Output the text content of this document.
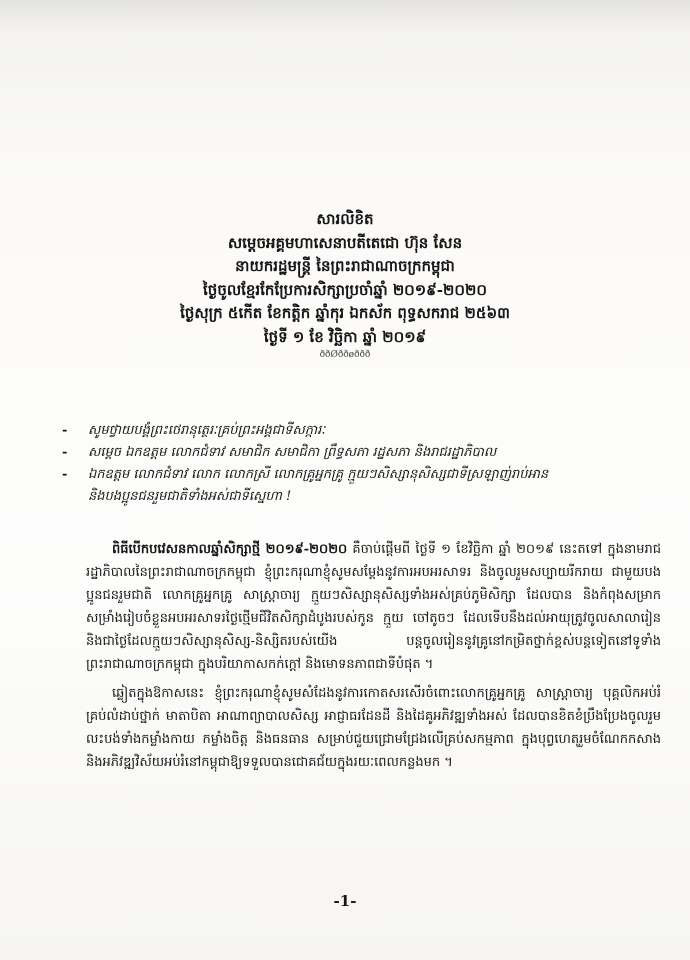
សារលិខិត
សម្តេចអគ្គមហាសេនាបតីតេជោ ហ៊ុន សែន
នាយករដ្ឋមន្ត្រី នៃព្រះរាជាណាចក្រកម្ពុជា
ថ្ងៃចូលខ្មែរកែប្រែការសិក្សាប្រចាំឆ្នាំ ២០១៩-២០២០
ថ្ងៃសុក្រ ៥កើត ខែកត្តិក ឆ្នាំកុរ ឯកស័ក ពុទ្ធសករាជ ២៥៦៣
ថ្ងៃទី ១ ខែ វិច្ឆិកា ឆ្នាំ ២០១៩
ððØððøððð
- សូមថ្វាយបង្គំព្រះថេរានុត្ថេរៈគ្រប់ព្រះអង្គជាទីសក្ការៈ
- សម្តេច ឯកឧត្តម លោកជំទាវ សមាជិក សមាជិកា ព្រឹទ្ធសភា រដ្ឋសភា និងរាជរដ្ឋាភិបាល
- ឯកឧត្តម លោកជំទាវ លោក លោកស្រី លោកគ្រូអ្នកគ្រូ ក្មួយៗសិស្សានុសិស្សជាទីស្រឡាញ់រាប់អាន
និងបងប្អូនជនរួមជាតិទាំងអស់ជាទីស្នេហា !

ពិធីបើកបវេសនកាលឆ្នាំសិក្សាថ្មី ២០១៩-២០២០ គឺចាប់ផ្តើមពី ថ្ងៃទី ១ ខែវិច្ឆិកា ឆ្នាំ ២០១៩ នេះតទៅ ក្នុងនាមរាជរដ្ឋាភិបាលនៃព្រះរាជាណាចក្រកម្ពុជា ខ្ញុំព្រះករុណាខ្ញុំសូមសម្តែងនូវការអបអរសាទរ និងចូលរួមសប្បាយរីករាយ ជាមួយបងប្អូនជនរួមជាតិ លោកគ្រូអ្នកគ្រូ សាស្ត្រាចារ្យ ក្មួយៗសិស្សានុសិស្សទាំងអស់គ្រប់ភូមិសិក្សា ដែលបាន និងកំពុងសម្រាកសម្រាំងរៀបចំខ្លួនអបអរសាទរថ្ងៃថ្មើមជីវិតសិក្សាដំបូងរបស់កូន ក្មួយ ចៅតូចៗ ដែលទើបនឹងដល់អាយុត្រូវចូលសាលារៀន និងជាថ្ងៃដែលក្មួយៗសិស្សានុសិស្ស-និស្សិតរបស់យើង បន្តចូលរៀននូវគ្រូនៅកម្រិតថ្នាក់ខ្ពស់បន្តទៀតនៅទូទាំងព្រះរាជាណាចក្រកម្ពុជា ក្នុងបរិយាកាសកក់ក្តៅ និងមោទនភាពជាទីបំផុត ។

ឆ្លៀតក្នុងឱកាសនេះ ខ្ញុំព្រះករុណាខ្ញុំសូមសំដែងនូវការកោតសរសើរចំពោះលោកគ្រូអ្នកគ្រូ សាស្ត្រាចារ្យ បុគ្គលិកអប់រំគ្រប់លំដាប់ថ្នាក់ មាតាបិតា អាណាព្យាបាលសិស្ស អាជ្ញាធរដែនដី និងដៃគូអភិវឌ្ឍទាំងអស់ ដែលបានខិតខំប្រឹងប្រែងចូលរួមលះបង់ទាំងកម្លាំងកាយ កម្លាំងចិត្ត និងធនធាន សម្រាប់ជួយជ្រោមជ្រែងលើគ្រប់សកម្មភាព ក្នុងបុព្វហេតុរួមចំណែកកសាង និងអភិវឌ្ឍវិស័យអប់រំនៅកម្ពុជាឱ្យទទួលបានជោគជ័យក្នុងរយៈពេលកន្លងមក ។

-1-
